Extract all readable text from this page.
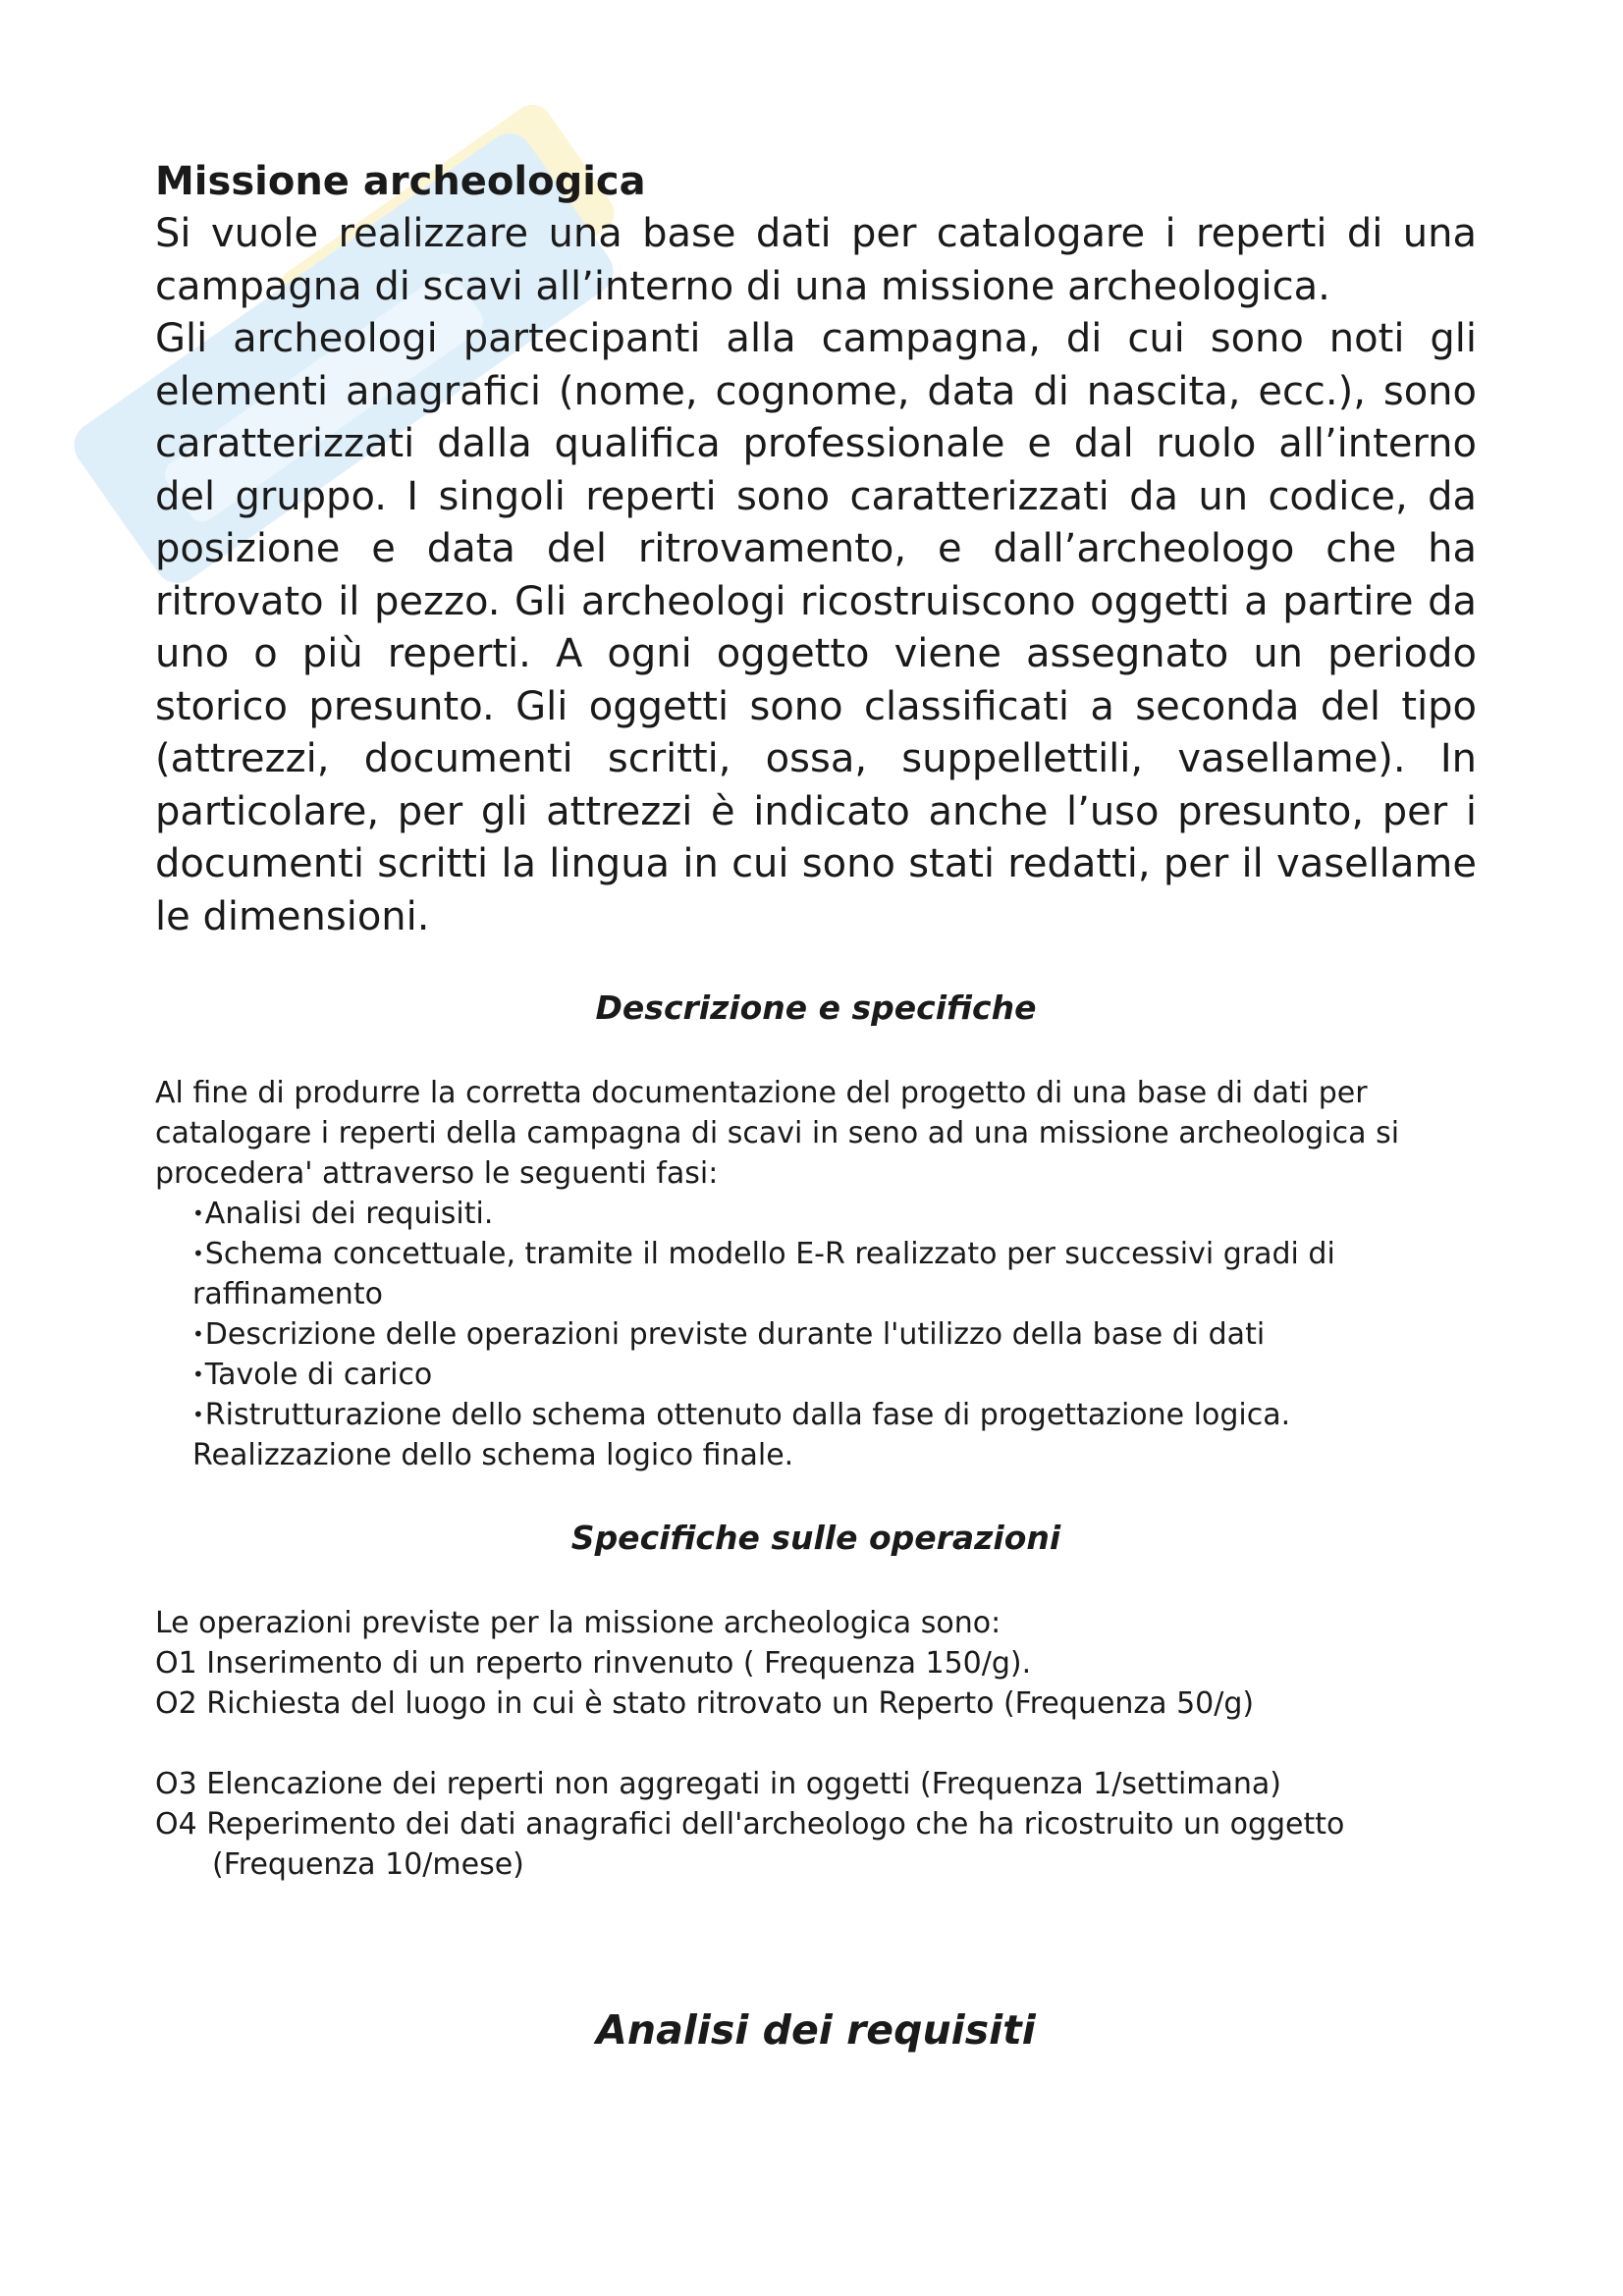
Missione archeologica

Si vuole realizzare una base dati per catalogare i reperti di una campagna di scavi all’interno di una missione archeologica.

Gli archeologi partecipanti alla campagna, di cui sono noti gli elementi anagrafici (nome, cognome, data di nascita, ecc.), sono caratterizzati dalla qualifica professionale e dal ruolo all’interno del gruppo. I singoli reperti sono caratterizzati da un codice, da posizione e data del ritrovamento, e dall’archeologo che ha ritrovato il pezzo. Gli archeologi ricostruiscono oggetti a partire da uno o più reperti. A ogni oggetto viene assegnato un periodo storico presunto. Gli oggetti sono classificati a seconda del tipo (attrezzi, documenti scritti, ossa, suppellettili, vasellame). In particolare, per gli attrezzi è indicato anche l’uso presunto, per i documenti scritti la lingua in cui sono stati redatti, per il vasellame le dimensioni.

Descrizione e specifiche

Al fine di produrre la corretta documentazione del progetto di una base di dati per catalogare i reperti della campagna di scavi in seno ad una missione archeologica si procedera' attraverso le seguenti fasi:

•Analisi dei requisiti.
•Schema concettuale, tramite il modello E-R realizzato per successivi gradi di raffinamento
•Descrizione delle operazioni previste durante l'utilizzo della base di dati
•Tavole di carico
•Ristrutturazione dello schema ottenuto dalla fase di progettazione logica. Realizzazione dello schema logico finale.
Specifiche sulle operazioni

Le operazioni previste per la missione archeologica sono:

O1 Inserimento di un reperto rinvenuto ( Frequenza 150/g).

O2 Richiesta del luogo in cui è stato ritrovato un Reperto (Frequenza 50/g)

O3 Elencazione dei reperti non aggregati in oggetti (Frequenza 1/settimana)

O4 Reperimento dei dati anagrafici dell'archeologo che ha ricostruito un oggetto

(Frequenza 10/mese)

Analisi dei requisiti
